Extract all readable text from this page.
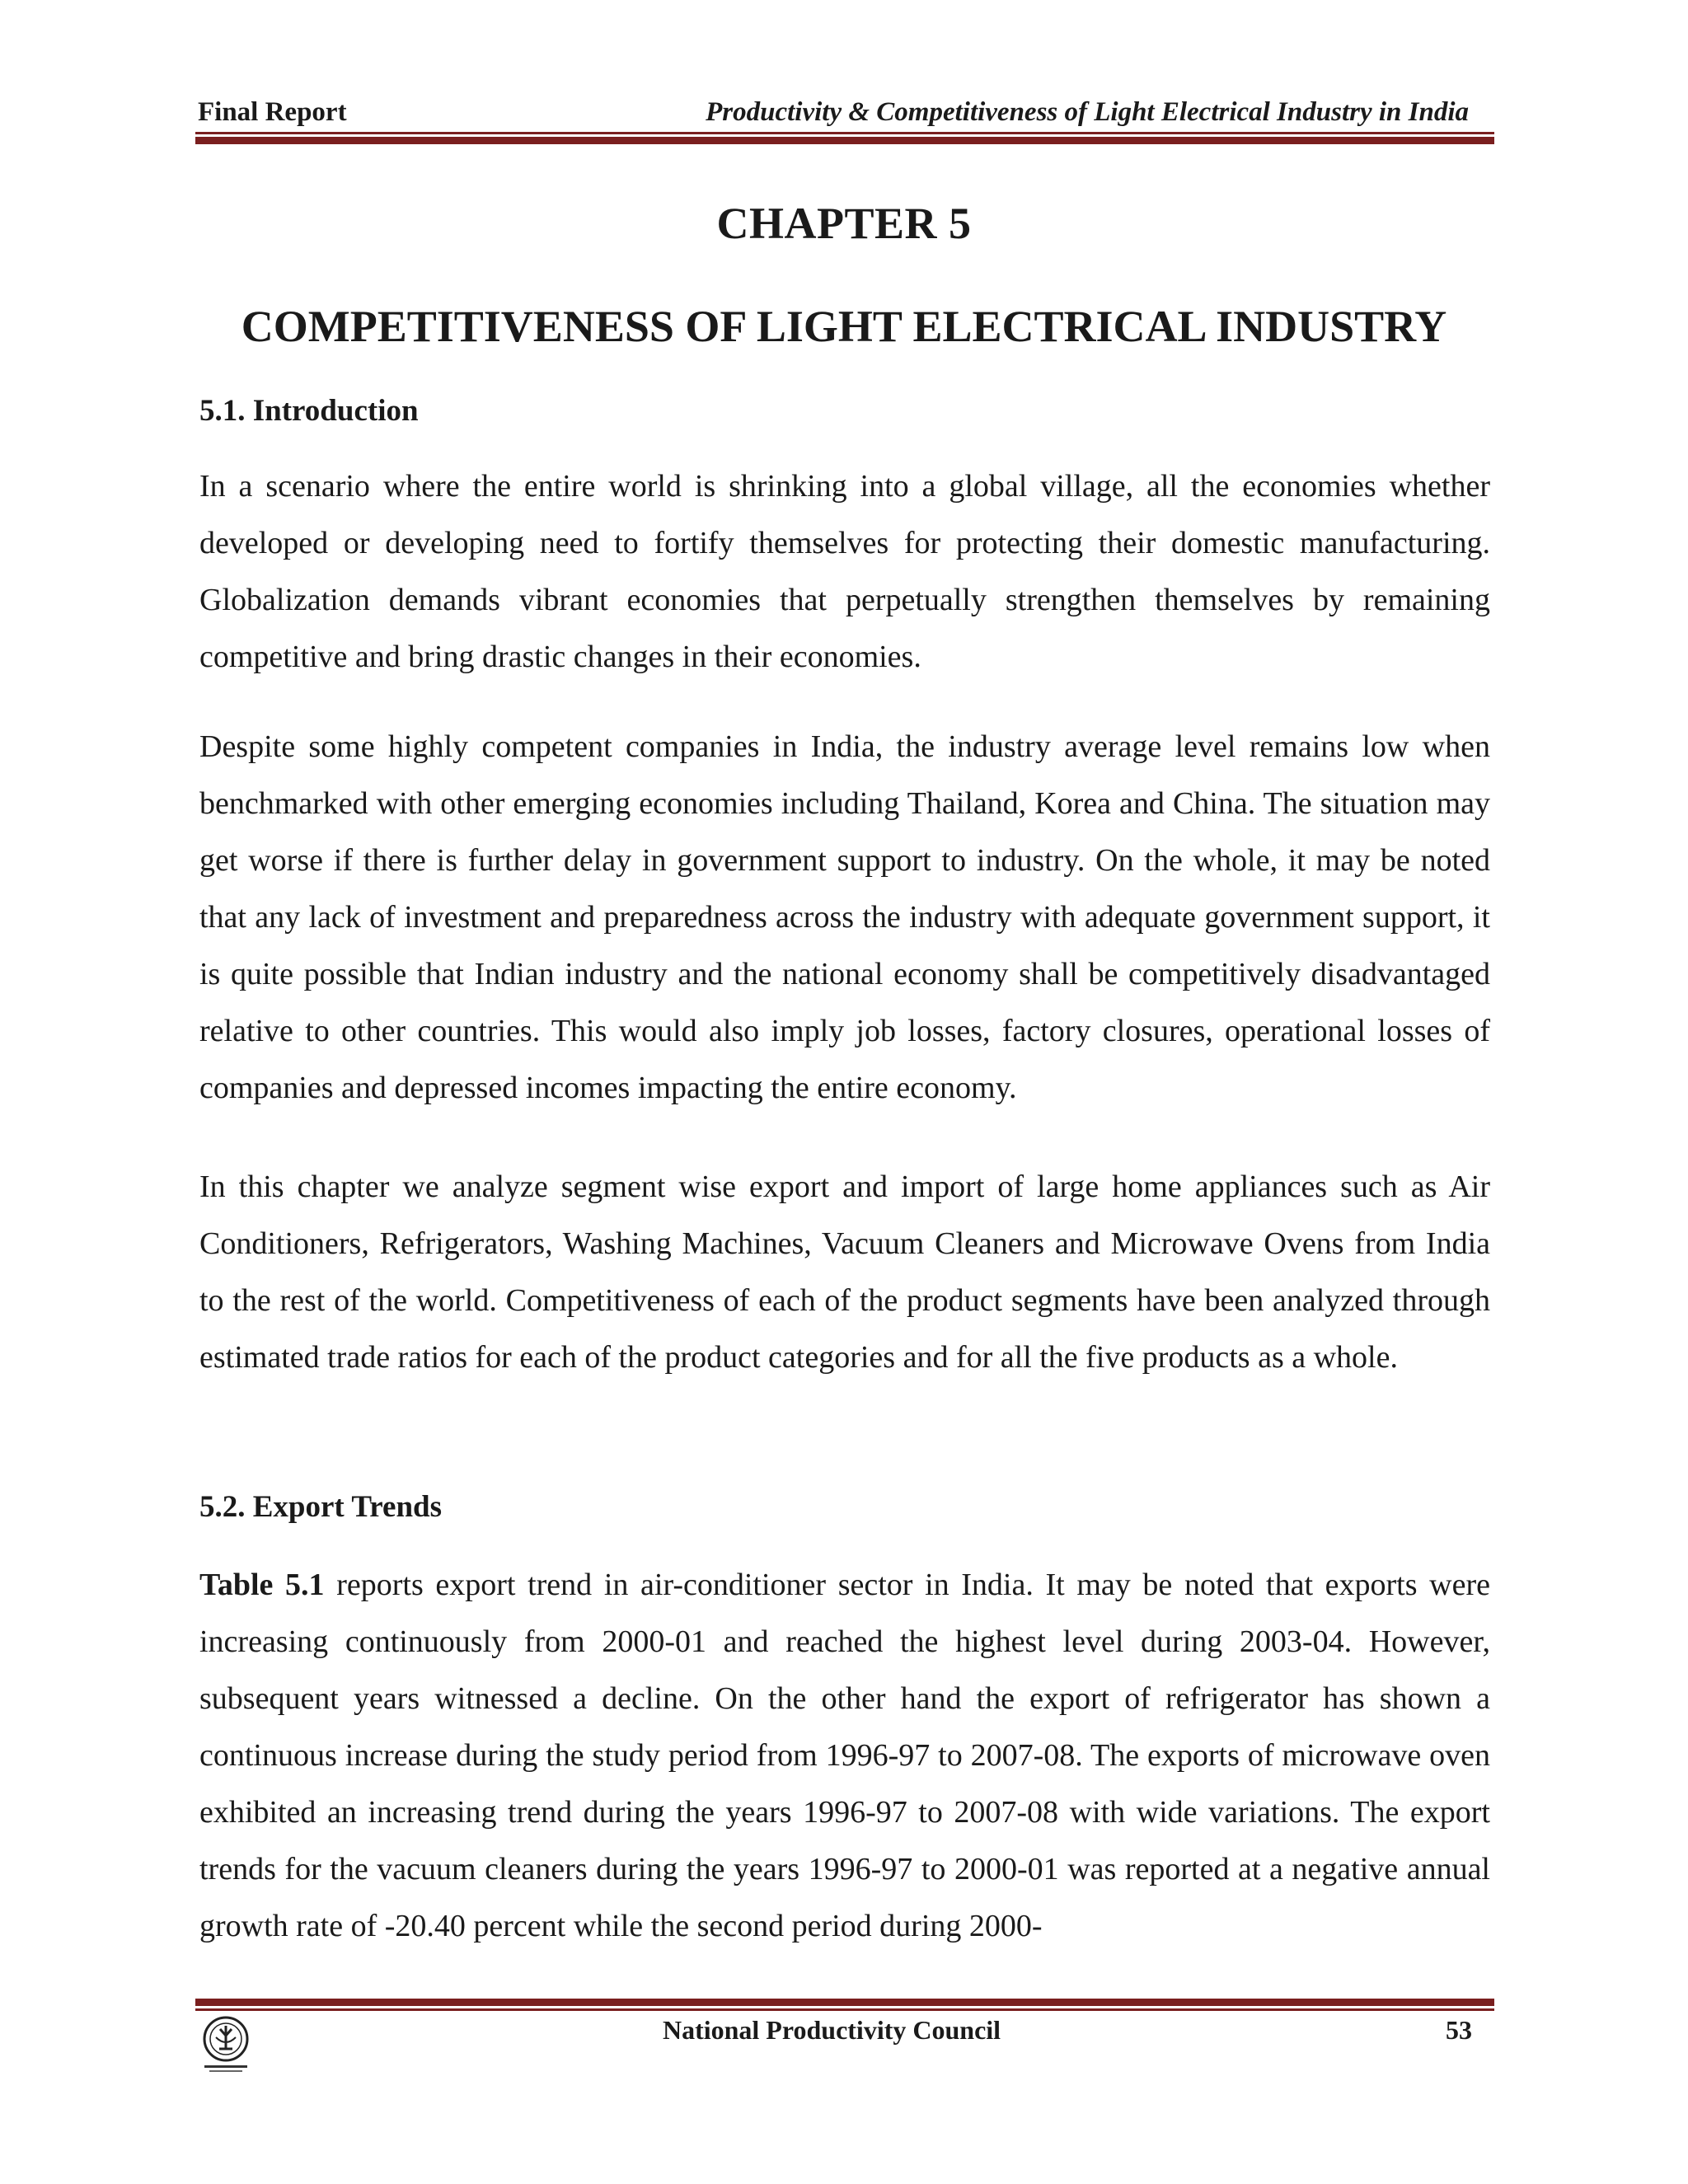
Final Report	Productivity & Competitiveness of Light Electrical Industry in India
CHAPTER 5
COMPETITIVENESS OF LIGHT ELECTRICAL INDUSTRY
5.1. Introduction

In a scenario where the entire world is shrinking into a global village, all the economies whether developed or developing need to fortify themselves for protecting their domestic manufacturing. Globalization demands vibrant economies that perpetually strengthen themselves by remaining competitive and bring drastic changes in their economies.

Despite some highly competent companies in India, the industry average level remains low when benchmarked with other emerging economies including Thailand, Korea and China. The situation may get worse if there is further delay in government support to industry. On the whole, it may be noted that any lack of investment and preparedness across the industry with adequate government support, it is quite possible that Indian industry and the national economy shall be competitively disadvantaged relative to other countries. This would also imply job losses, factory closures, operational losses of companies and depressed incomes impacting the entire economy.

In this chapter we analyze segment wise export and import of large home appliances such as Air Conditioners, Refrigerators, Washing Machines, Vacuum Cleaners and Microwave Ovens from India to the rest of the world. Competitiveness of each of the product segments have been analyzed through estimated trade ratios for each of the product categories and for all the five products as a whole.

5.2. Export Trends

Table 5.1 reports export trend in air-conditioner sector in India. It may be noted that exports were increasing continuously from 2000-01 and reached the highest level during 2003-04. However, subsequent years witnessed a decline. On the other hand the export of refrigerator has shown a continuous increase during the study period from 1996-97 to 2007-08. The exports of microwave oven exhibited an increasing trend during the years 1996-97 to 2007-08 with wide variations. The export trends for the vacuum cleaners during the years 1996-97 to 2000-01 was reported at a negative annual growth rate of -20.40 percent while the second period during 2000-

National Productivity Council	53
